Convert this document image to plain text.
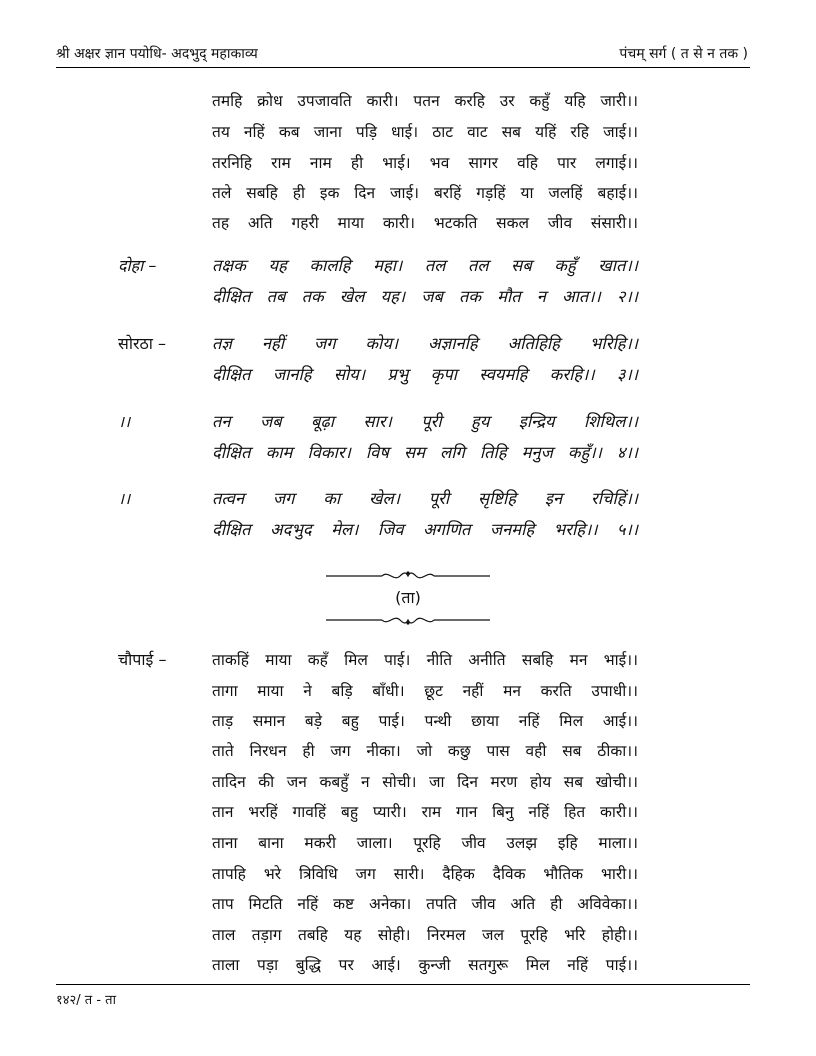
श्री अक्षर ज्ञान पयोधि- अदभुद् महाकाव्य	पंचम् सर्ग ( त से न तक )
तमहि क्रोध उपजावति कारी। पतन करहि उर कहुँ यहि जारी।।
तय नहिं कब जाना पड़ि धाई। ठाट वाट सब यहिं रहि जाई।।
तरनिहि राम नाम ही भाई। भव सागर वहि पार लगाई।।
तले सबहि ही इक दिन जाई। बरहिं गड़हिं या जलहिं बहाई।।
तह अति गहरी माया कारी। भटकति सकल जीव संसारी।।
दोहा –	तक्षक यह कालहि महा। तल तल सब कहुँ खात।।
दीक्षित तब तक खेल यह। जब तक मौत न आत।। २।।
सोरठा –	तज्ञ नहीं जग कोय। अज्ञानहि अतिहिहि भरिहि।।
दीक्षित जानहि सोय। प्रभु कृपा स्वयमहि करहि।। ३।।
।।	तन जब बूढ़ा सार। पूरी हुय इन्द्रिय शिथिल।।
दीक्षित काम विकार। विष सम लगि तिहि मनुज कहुँ।। ४।।
।।	तत्वन जग का खेल। पूरी सृष्टिहि इन रचिहिं।।
दीक्षित अदभुद मेल। जिव अगणित जनमहि भरहि।। ५।।
(ता)
चौपाई –	ताकहिं माया कहँ मिल पाई। नीति अनीति सबहि मन भाई।।
तागा माया ने बड़ि बाँधी। छूट नहीं मन करति उपाधी।।
ताड़ समान बड़े बहु पाई। पन्थी छाया नहिं मिल आई।।
ताते निरधन ही जग नीका। जो कछु पास वही सब ठीका।।
तादिन की जन कबहुँ न सोची। जा दिन मरण होय सब खोची।।
तान भरहिं गावहिं बहु प्यारी। राम गान बिनु नहिं हित कारी।।
ताना बाना मकरी जाला। पूरहि जीव उलझ इहि माला।।
तापहि भरे त्रिविधि जग सारी। दैहिक दैविक भौतिक भारी।।
ताप मिटति नहिं कष्ट अनेका। तपति जीव अति ही अविवेका।।
ताल तड़ाग तबहि यह सोही। निरमल जल पूरहि भरि होही।।
ताला पड़ा बुद्धि पर आई। कुन्जी सतगुरू मिल नहिं पाई।।
१४२/ त - ता
